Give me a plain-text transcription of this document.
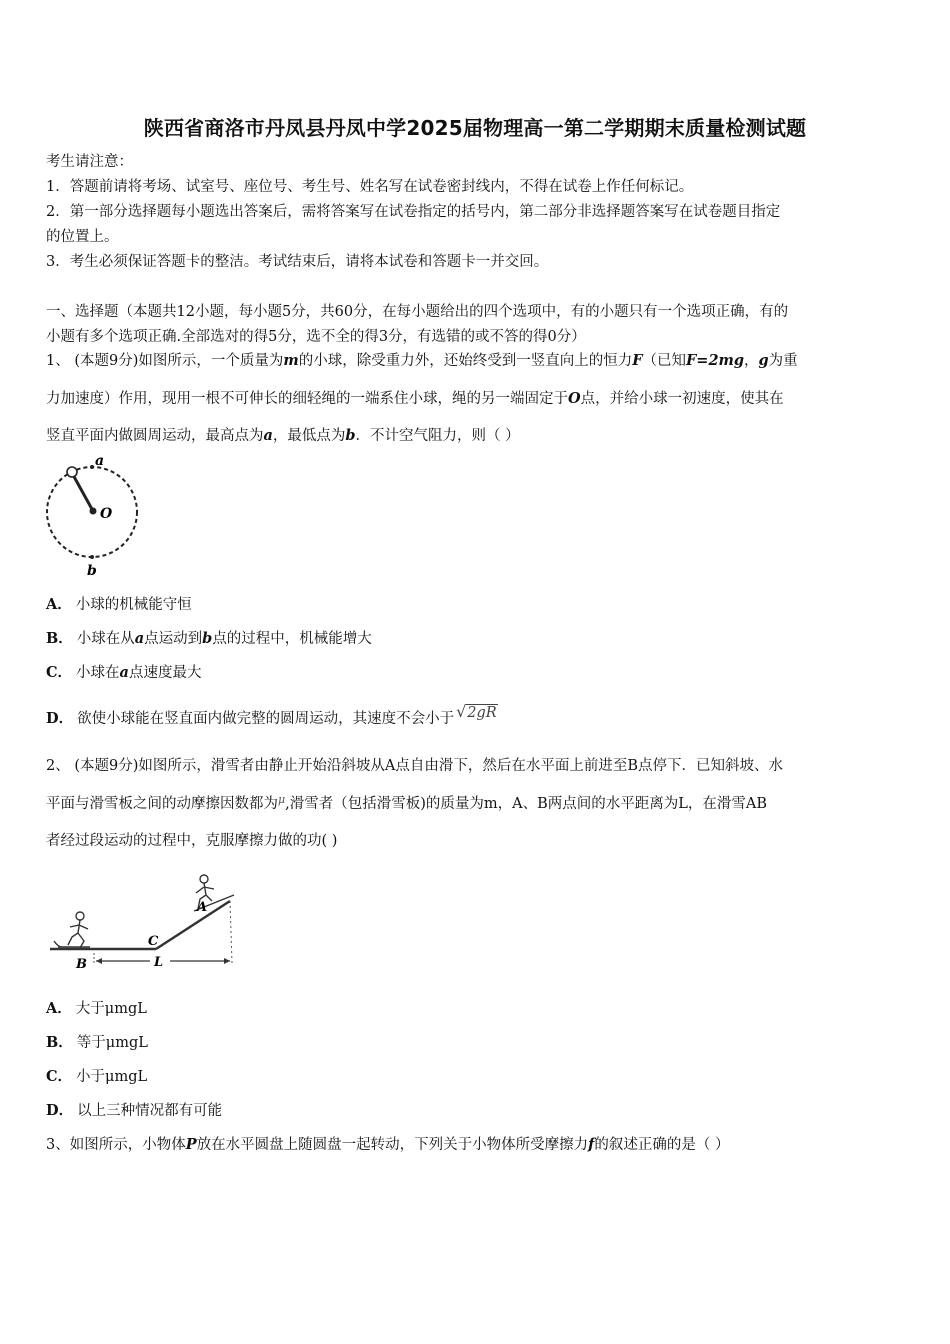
陕西省商洛市丹凤县丹凤中学2025届物理高一第二学期期末质量检测试题
考生请注意：
1．答题前请将考场、试室号、座位号、考生号、姓名写在试卷密封线内，不得在试卷上作任何标记。
2．第一部分选择题每小题选出答案后，需将答案写在试卷指定的括号内，第二部分非选择题答案写在试卷题目指定
的位置上。
3．考生必须保证答题卡的整洁。考试结束后，请将本试卷和答题卡一并交回。
一、选择题（本题共12小题，每小题5分，共60分，在每小题给出的四个选项中，有的小题只有一个选项正确，有的
小题有多个选项正确.全部选对的得5分，选不全的得3分，有选错的或不答的得0分）
1、 (本题9分)如图所示，一个质量为m的小球，除受重力外，还始终受到一竖直向上的恒力F（已知F=2mg，g为重
力加速度）作用，现用一根不可伸长的细轻绳的一端系住小球，绳的另一端固定于O点，并给小球一初速度，使其在
竖直平面内做圆周运动，最高点为a，最低点为b．不计空气阻力，则（ ）
a
O
b
A． 小球的机械能守恒
B． 小球在从a点运动到b点的过程中，机械能增大
C． 小球在a点速度最大
D． 欲使小球能在竖直面内做完整的圆周运动，其速度不会小于 √2gR
2、 (本题9分)如图所示，滑雪者由静止开始沿斜坡从A点自由滑下，然后在水平面上前进至B点停下．已知斜坡、水
平面与滑雪板之间的动摩擦因数都为$^\mu$,滑雪者（包括滑雪板)的质量为m，A、B两点间的水平距离为L，在滑雪AB
者经过段运动的过程中，克服摩擦力做的功( )
A
C
B	L
A． 大于μmgL
B． 等于μmgL
C． 小于μmgL
D． 以上三种情况都有可能
3、如图所示，小物体P放在水平圆盘上随圆盘一起转动，下列关于小物体所受摩擦力f的叙述正确的是（ ）
